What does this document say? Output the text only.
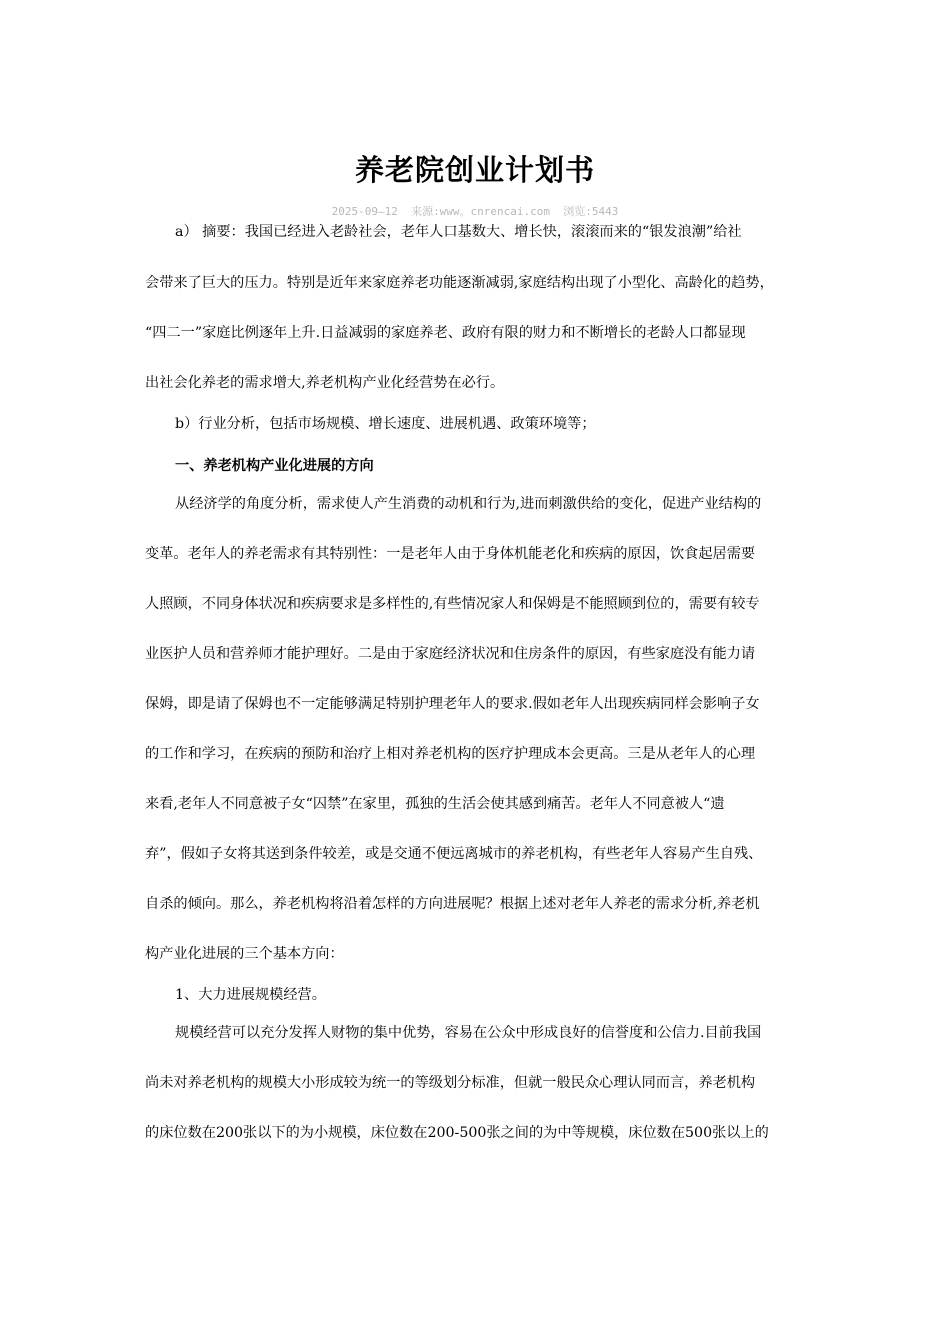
养老院创业计划书
2025-09—12  来源:www。cnrencai.com  浏览:5443
a） 摘要：我国已经进入老龄社会，老年人口基数大、增长快，滚滚而来的“银发浪潮”给社
会带来了巨大的压力。特别是近年来家庭养老功能逐渐减弱,家庭结构出现了小型化、高龄化的趋势，
“四二一”家庭比例逐年上升.日益减弱的家庭养老、政府有限的财力和不断增长的老龄人口都显现
出社会化养老的需求增大,养老机构产业化经营势在必行。
b）行业分析，包括市场规模、增长速度、进展机遇、政策环境等；
一、养老机构产业化进展的方向
从经济学的角度分析，需求使人产生消费的动机和行为,进而刺激供给的变化，促进产业结构的
变革。老年人的养老需求有其特别性：一是老年人由于身体机能老化和疾病的原因，饮食起居需要
人照顾，不同身体状况和疾病要求是多样性的,有些情况家人和保姆是不能照顾到位的，需要有较专
业医护人员和营养师才能护理好。二是由于家庭经济状况和住房条件的原因，有些家庭没有能力请
保姆，即是请了保姆也不一定能够满足特别护理老年人的要求.假如老年人出现疾病同样会影响子女
的工作和学习，在疾病的预防和治疗上相对养老机构的医疗护理成本会更高。三是从老年人的心理
来看,老年人不同意被子女“囚禁”在家里，孤独的生活会使其感到痛苦。老年人不同意被人“遗
弃”，假如子女将其送到条件较差，或是交通不便远离城市的养老机构，有些老年人容易产生自残、
自杀的倾向。那么，养老机构将沿着怎样的方向进展呢？根据上述对老年人养老的需求分析,养老机
构产业化进展的三个基本方向：
1、大力进展规模经营。
规模经营可以充分发挥人财物的集中优势，容易在公众中形成良好的信誉度和公信力.目前我国
尚未对养老机构的规模大小形成较为统一的等级划分标准，但就一般民众心理认同而言，养老机构
的床位数在200张以下的为小规模，床位数在200-500张之间的为中等规模，床位数在500张以上的
